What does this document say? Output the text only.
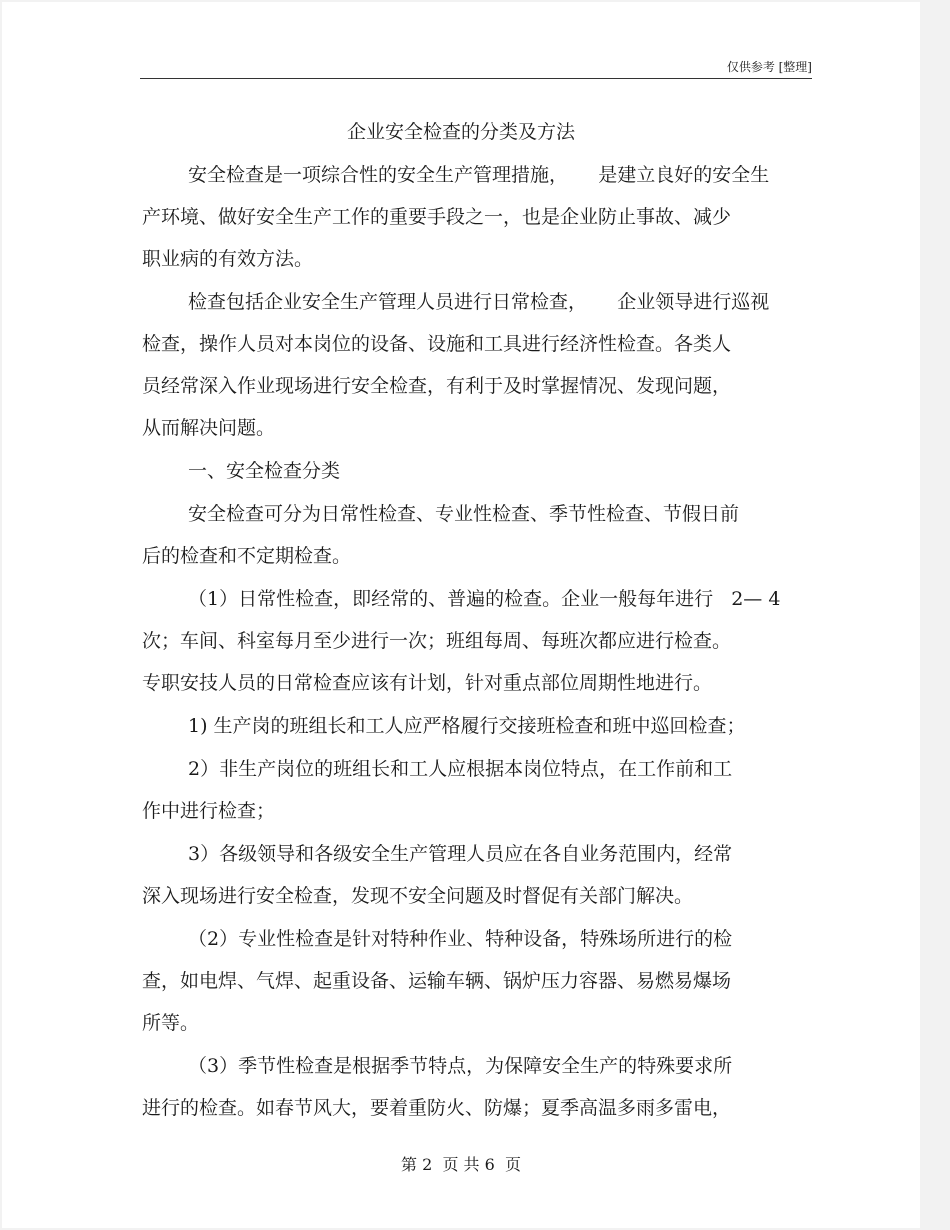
仅供参考 [整理]
企业安全检查的分类及方法
安全检查是一项综合性的安全生产管理措施，     是建立良好的安全生
产环境、做好安全生产工作的重要手段之一，也是企业防止事故、减少
职业病的有效方法。
检查包括企业安全生产管理人员进行日常检查，     企业领导进行巡视
检查，操作人员对本岗位的设备、设施和工具进行经济性检查。各类人
员经常深入作业现场进行安全检查，有利于及时掌握情况、发现问题，
从而解决问题。
一、安全检查分类
安全检查可分为日常性检查、专业性检查、季节性检查、节假日前
后的检查和不定期检查。
（1）日常性检查，即经常的、普遍的检查。企业一般每年进行   2— 4
次；车间、科室每月至少进行一次；班组每周、每班次都应进行检查。
专职安技人员的日常检查应该有计划，针对重点部位周期性地进行。
1) 生产岗的班组长和工人应严格履行交接班检查和班中巡回检查；
2）非生产岗位的班组长和工人应根据本岗位特点，在工作前和工
作中进行检查；
3）各级领导和各级安全生产管理人员应在各自业务范围内，经常
深入现场进行安全检查，发现不安全问题及时督促有关部门解决。
（2）专业性检查是针对特种作业、特种设备，特殊场所进行的检
查，如电焊、气焊、起重设备、运输车辆、锅炉压力容器、易燃易爆场
所等。
（3）季节性检查是根据季节特点，为保障安全生产的特殊要求所
进行的检查。如春节风大，要着重防火、防爆；夏季高温多雨多雷电，
第 2  页 共 6  页
